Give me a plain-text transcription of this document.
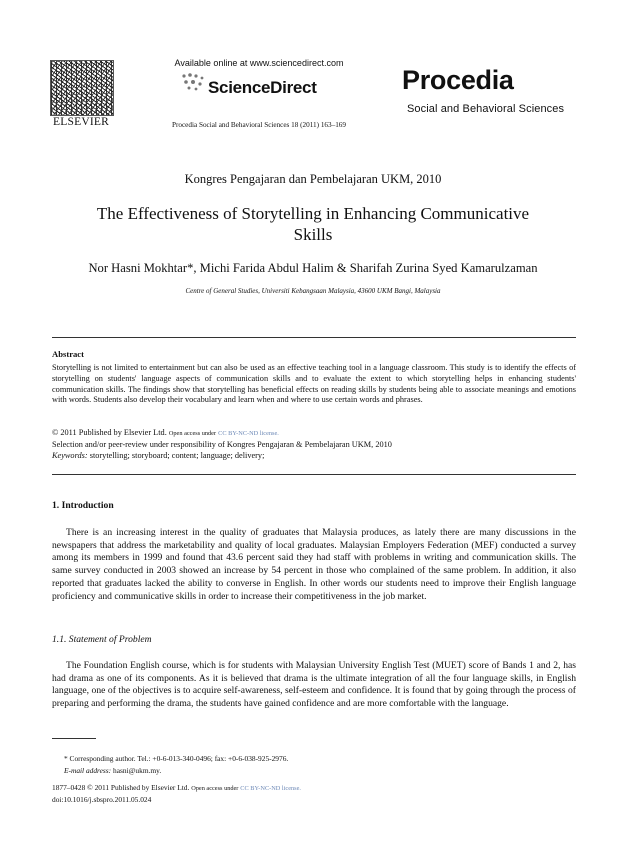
ELSEVIER
Available online at www.sciencedirect.com
ScienceDirect
Procedia Social and Behavioral Sciences 18 (2011) 163–169
Procedia
Social and Behavioral Sciences
Kongres Pengajaran dan Pembelajaran UKM, 2010
The Effectiveness of Storytelling in Enhancing Communicative
Skills
Nor Hasni Mokhtar*, Michi Farida Abdul Halim & Sharifah Zurina Syed Kamarulzaman
Centre of General Studies, Universiti Kebangsaan Malaysia, 43600 UKM Bangi, Malaysia
Abstract
Storytelling is not limited to entertainment but can also be used as an effective teaching tool in a language classroom. This study is to identify the effects of storytelling on students' language aspects of communication skills and to evaluate the extent to which storytelling helps in enhancing students' communication skills. The findings show that storytelling has beneficial effects on reading skills by students being able to associate meanings and emotions with words. Students also develop their vocabulary and learn when and where to use certain words and phrases.
© 2011 Published by Elsevier Ltd. Open access under CC BY-NC-ND license.
Selection and/or peer-review under responsibility of Kongres Pengajaran & Pembelajaran UKM, 2010
Keywords: storytelling; storyboard; content; language; delivery;
1. Introduction
There is an increasing interest in the quality of graduates that Malaysia produces, as lately there are many discussions in the newspapers that address the marketability and quality of local graduates. Malaysian Employers Federation (MEF) conducted a survey among its members in 1999 and found that 43.6 percent said they had staff with problems in writing and communication skills. The same survey conducted in 2003 showed an increase by 54 percent in those who complained of the same problem. In addition, it also reported that graduates lacked the ability to converse in English. In other words our students need to improve their English language proficiency and communicative skills in order to increase their competitiveness in the job market.
1.1. Statement of Problem
The Foundation English course, which is for students with Malaysian University English Test (MUET) score of Bands 1 and 2, has had drama as one of its components. As it is believed that drama is the ultimate integration of all the four language skills, in English language, one of the objectives is to acquire self-awareness, self-esteem and confidence. It is found that by going through the process of preparing and performing the drama, the students have gained confidence and are more comfortable with the language.
* Corresponding author. Tel.: +0-6-013-340-0496; fax: +0-6-038-925-2976.
E-mail address: hasni@ukm.my.
1877–0428 © 2011 Published by Elsevier Ltd. Open access under CC BY-NC-ND license.
doi:10.1016/j.sbspro.2011.05.024
